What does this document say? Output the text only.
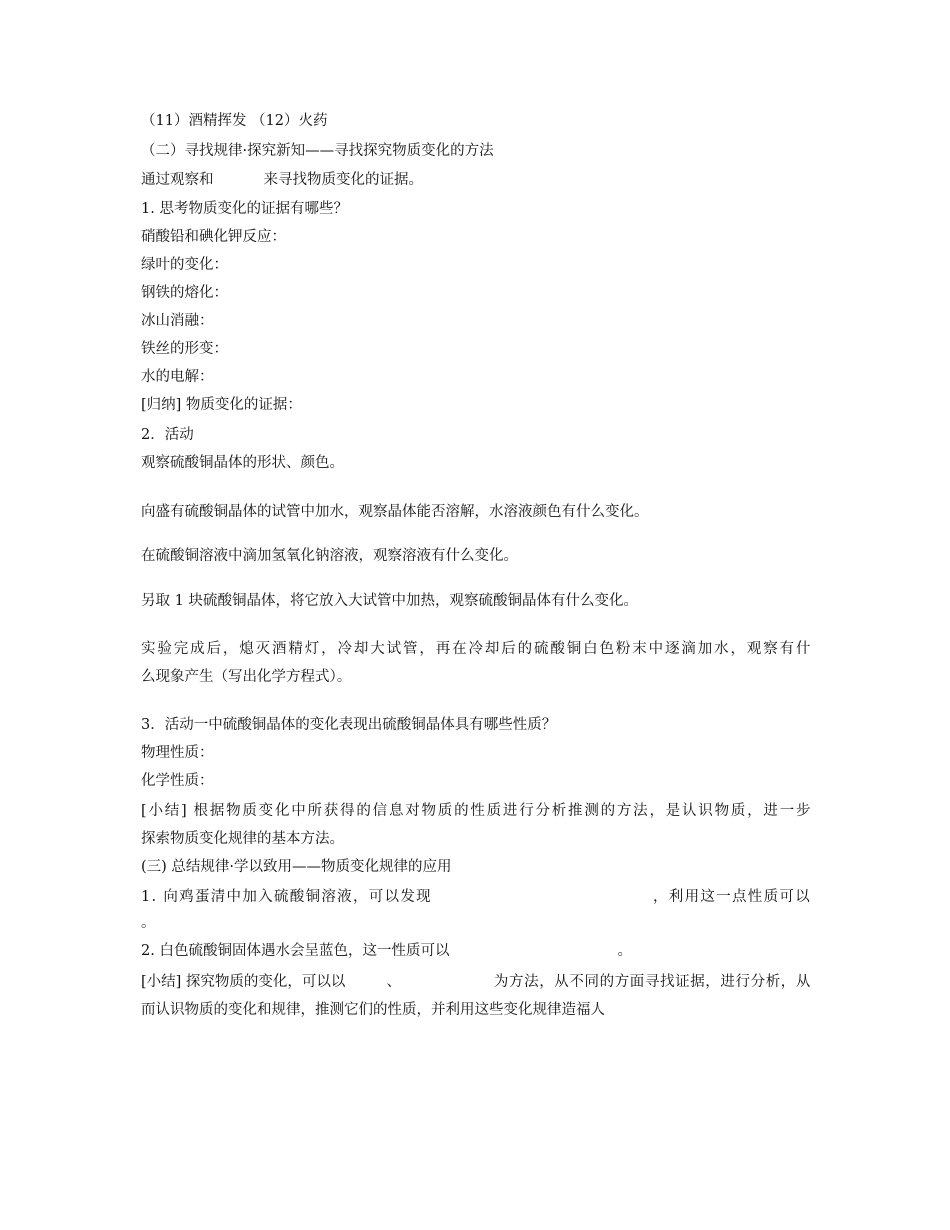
（11）酒精挥发 （12）火药
（二）寻找规律·探究新知——寻找探究物质变化的方法
通过观察和	来寻找物质变化的证据。
1. 思考物质变化的证据有哪些？
硝酸铅和碘化钾反应：
绿叶的变化：
钢铁的熔化：
冰山消融：
铁丝的形变：
水的电解：
[归纳] 物质变化的证据：
2．活动
观察硫酸铜晶体的形状、颜色。
向盛有硫酸铜晶体的试管中加水，观察晶体能否溶解，水溶液颜色有什么变化。
在硫酸铜溶液中滴加氢氧化钠溶液，观察溶液有什么变化。
另取 1 块硫酸铜晶体，将它放入大试管中加热，观察硫酸铜晶体有什么变化。
实验完成后，熄灭酒精灯，冷却大试管，再在冷却后的硫酸铜白色粉末中逐滴加水，观察有什
么现象产生（写出化学方程式）。
3．活动一中硫酸铜晶体的变化表现出硫酸铜晶体具有哪些性质？
物理性质：
化学性质：
[小结] 根据物质变化中所获得的信息对物质的性质进行分析推测的方法，是认识物质，进一步
探索物质变化规律的基本方法。
(三) 总结规律·学以致用——物质变化规律的应用
1. 向鸡蛋清中加入硫酸铜溶液，可以发现	，利用这一点性质可以
。
2. 白色硫酸铜固体遇水会呈蓝色，这一性质可以	。
[小结] 探究物质的变化，可以以	、	为方法，从不同的方面寻找证据，进行分析，从
而认识物质的变化和规律，推测它们的性质，并利用这些变化规律造福人
